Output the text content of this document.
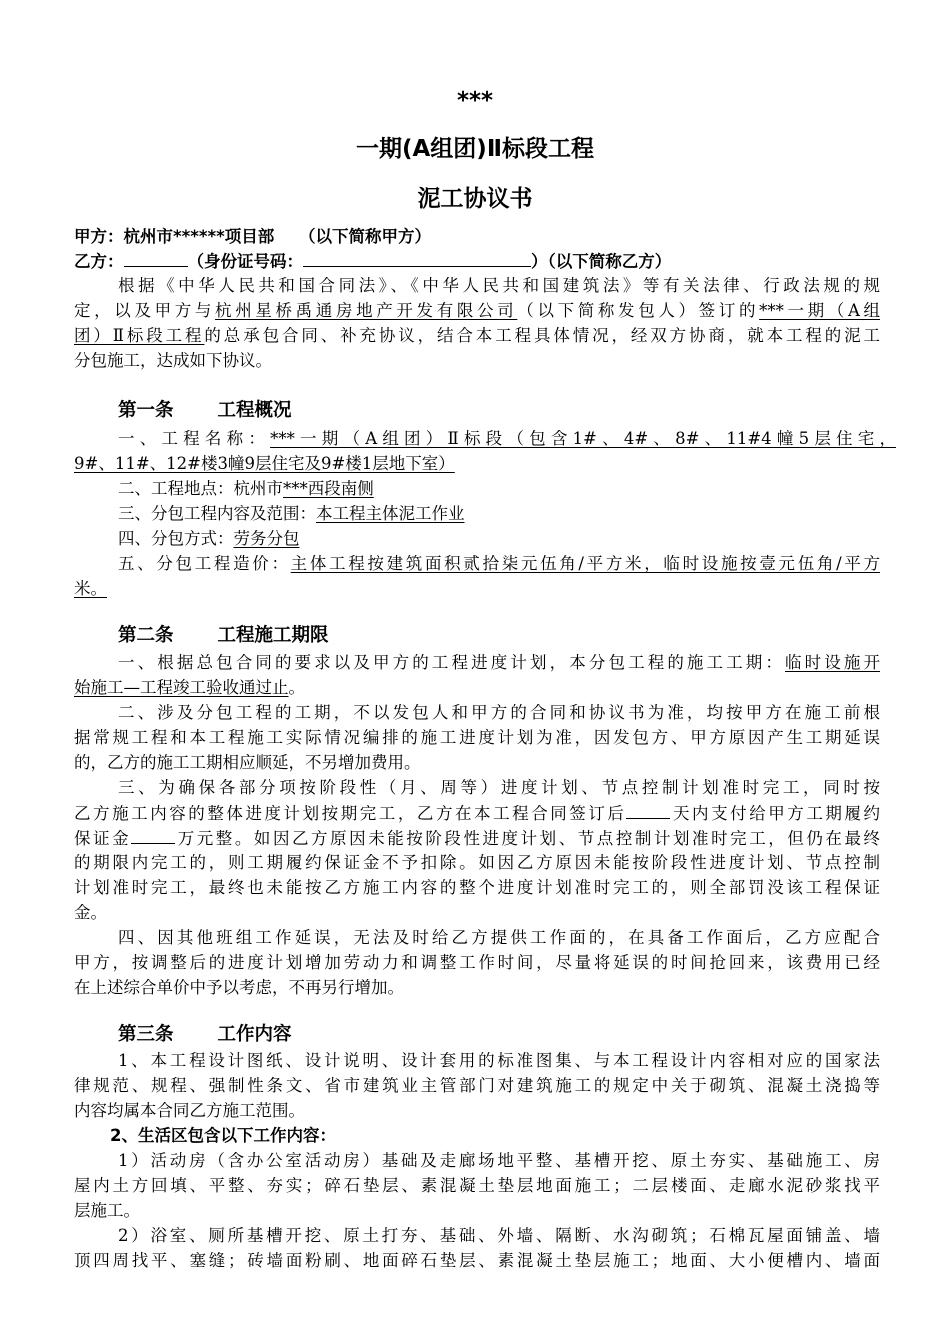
***
一期(A组团)Ⅱ标段工程
泥工协议书
甲方：杭州市******项目部　　（以下简称甲方）
乙方：	（身份证号码：	）（以下简称乙方）
根据《中华人民共和国合同法》、《中华人民共和国建筑法》等有关法律、行政法规的规
定，以及甲方与杭州星桥禹通房地产开发有限公司（以下简称发包人）签订的***一期（A组
团）Ⅱ标段工程的总承包合同、补充协议，结合本工程具体情况，经双方协商，就本工程的泥工
分包施工，达成如下协议。
第一条 工程概况
一、工程名称：***一期（A组团）Ⅱ标段（包含1#、4#、8#、11#4幢5层住宅，
9#、11#、12#楼3幢9层住宅及9#楼1层地下室）
二、工程地点：杭州市***西段南侧
三、分包工程内容及范围：本工程主体泥工作业
四、分包方式：劳务分包
五、分包工程造价：主体工程按建筑面积贰拾柒元伍角/平方米，临时设施按壹元伍角/平方
米。
第二条 工程施工期限
一、根据总包合同的要求以及甲方的工程进度计划，本分包工程的施工工期：临时设施开
始施工—工程竣工验收通过止。
二、涉及分包工程的工期，不以发包人和甲方的合同和协议书为准，均按甲方在施工前根
据常规工程和本工程施工实际情况编排的施工进度计划为准，因发包方、甲方原因产生工期延误
的，乙方的施工工期相应顺延，不另增加费用。
三、为确保各部分项按阶段性（月、周等）进度计划、节点控制计划准时完工，同时按
乙方施工内容的整体进度计划按期完工，乙方在本工程合同签订后	天内支付给甲方工期履约
保证金	万元整。如因乙方原因未能按阶段性进度计划、节点控制计划准时完工，但仍在最终
的期限内完工的，则工期履约保证金不予扣除。如因乙方原因未能按阶段性进度计划、节点控制
计划准时完工，最终也未能按乙方施工内容的整个进度计划准时完工的，则全部罚没该工程保证
金。
四、因其他班组工作延误，无法及时给乙方提供工作面的，在具备工作面后，乙方应配合
甲方，按调整后的进度计划增加劳动力和调整工作时间，尽量将延误的时间抢回来，该费用已经
在上述综合单价中予以考虑，不再另行增加。
第三条 工作内容
1、本工程设计图纸、设计说明、设计套用的标准图集、与本工程设计内容相对应的国家法
律规范、规程、强制性条文、省市建筑业主管部门对建筑施工的规定中关于砌筑、混凝土浇捣等
内容均属本合同乙方施工范围。
2、生活区包含以下工作内容：
1）活动房（含办公室活动房）基础及走廊场地平整、基槽开挖、原土夯实、基础施工、房
屋内土方回填、平整、夯实；碎石垫层、素混凝土垫层地面施工；二层楼面、走廊水泥砂浆找平
层施工。
2）浴室、厕所基槽开挖、原土打夯、基础、外墙、隔断、水沟砌筑；石棉瓦屋面铺盖、墙
顶四周找平、塞缝；砖墙面粉刷、地面碎石垫层、素混凝土垫层施工；地面、大小便槽内、墙面
